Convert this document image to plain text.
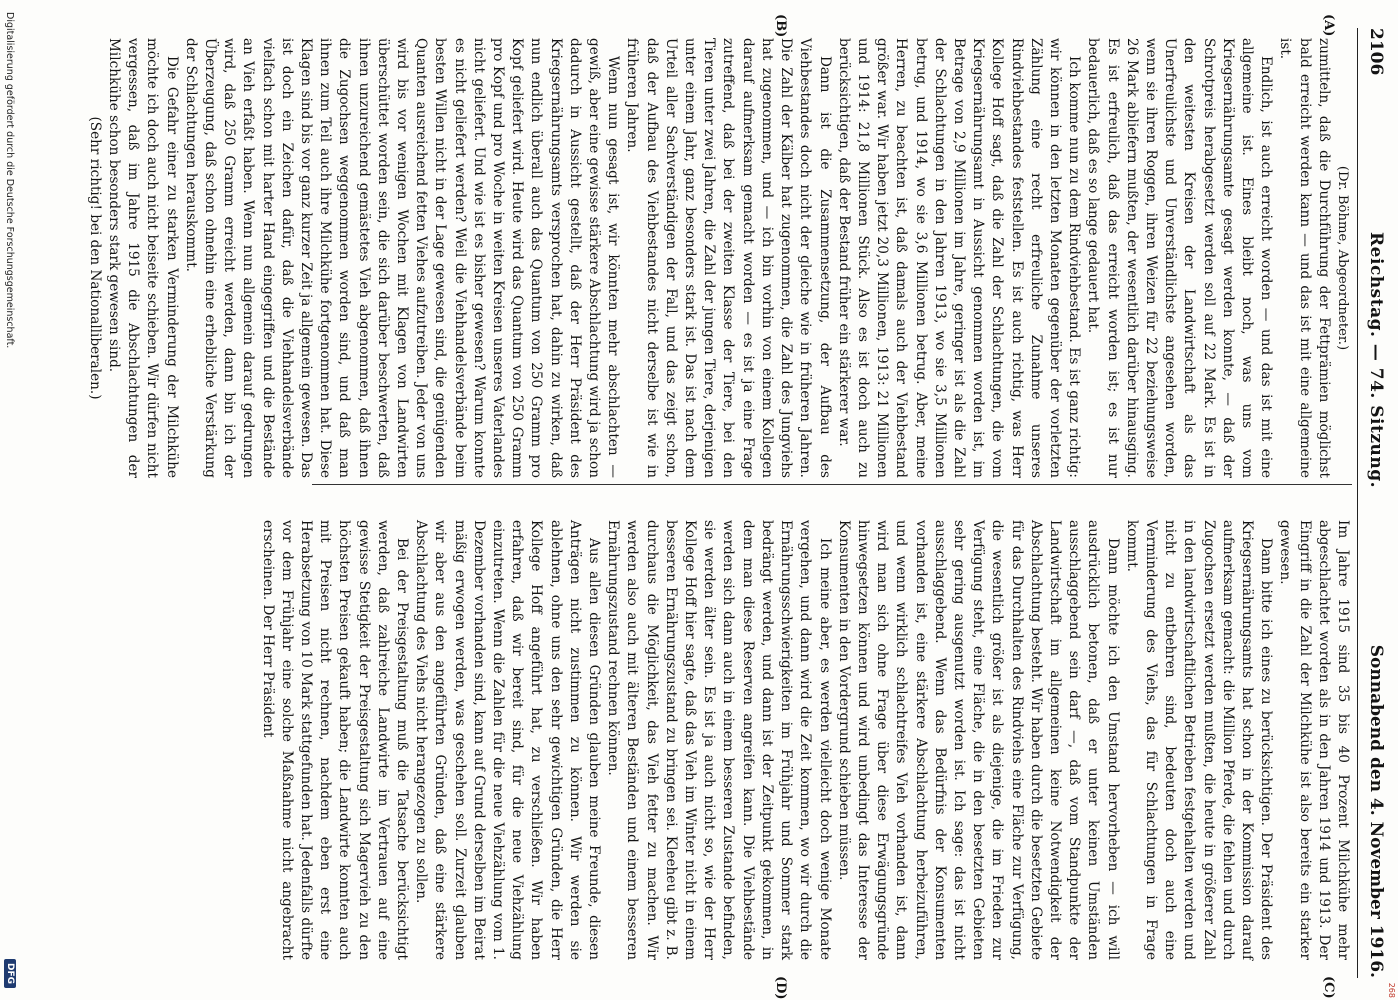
268
2106
Reichstag. — 74. Sitzung.
Sonnabend den 4. November 1916.
(A)
(B)
(C)
(D)

(Dr. Böhme, Abgeordneter.)

zumitteln, daß die Durchführung der Fettprämien möglichst bald erreicht werden kann — und das ist mit eine allgemeine ist.

Endlich, ist auch erreicht worden — und das ist mit eine allgemeine ist. Eines bleibt noch, was uns vom Kriegsernährungsamte gesagt werden konnte, — daß der Schrotpreis herabgesetzt werden soll auf 22 Mark. Es ist in den weitesten Kreisen der Landwirtschaft als das Unerfreulichste und Unverständlichste angesehen worden, wenn sie ihren Roggen, ihren Weizen für 22 beziehungsweise 26 Mark abliefern mußten, der wesentlich darüber hinausging. Es ist erfreulich, daß das erreicht worden ist; es ist nur bedauerlich, daß es so lange gedauert hat.

Ich komme nun zu dem Rindviehbestand. Es ist ganz richtig: wir können in den letzten Monaten gegenüber der vorletzten Zählung eine recht erfreuliche Zunahme unseres Rindviehbestandes feststellen. Es ist auch richtig, was Herr Kollege Hoff sagt, daß die Zahl der Schlachtungen, die vom Kriegsernährungsamt in Aussicht genommen worden ist, im Betrage von 2,9 Millionen im Jahre, geringer ist als die Zahl der Schlachtungen in den Jahren 1913, wo sie 3,5 Millionen betrug, und 1914, wo sie 3,6 Millionen betrug. Aber, meine Herren, zu beachten ist, daß damals auch der Viehbestand größer war. Wir haben jetzt 20,3 Millionen, 1913: 21 Millionen und 1914: 21,8 Millionen Stück. Also es ist doch auch zu berücksichtigen, daß der Bestand früher ein stärkerer war.

Dann ist die Zusammensetzung, der Aufbau des Viehbestandes doch nicht der gleiche wie in früheren Jahren. Die Zahl der Kälber hat zugenommen, die Zahl des Jungviehs hat zugenommen, und — ich bin vorhin von einem Kollegen darauf aufmerksam gemacht worden — es ist ja eine Frage zutreffend, daß bei der zweiten Klasse der Tiere, bei den Tieren unter zwei Jahren, die Zahl der jungen Tiere, derjenigen unter einem Jahr, ganz besonders stark ist. Das ist nach dem Urteil aller Sachverständigen der Fall, und das zeigt schon, daß der Aufbau des Viehbestandes nicht derselbe ist wie in früheren Jahren.

Wenn nun gesagt ist, wir könnten mehr abschlachten — gewiß, aber eine gewisse stärkere Abschlachtung wird ja schon dadurch in Aussicht gestellt, daß der Herr Präsident des Kriegsernährungsamts versprochen hat, dahin zu wirken, daß nun endlich überall auch das Quantum von 250 Gramm pro Kopf geliefert wird. Heute wird das Quantum von 250 Gramm pro Kopf und pro Woche in weiten Kreisen unseres Vaterlandes nicht geliefert. Und wie ist es bisher gewesen? Warum konnte es nicht geliefert werden? Weil die Viehhandelsverbände beim besten Willen nicht in der Lage gewesen sind, die genügenden Quanten ausreichend fetten Viehes aufzutreiben. Jeder von uns wird bis vor wenigen Wochen mit Klagen von Landwirten überschüttet worden sein, die sich darüber beschwerten, daß ihnen unzureichend gemästetes Vieh abgenommen, daß ihnen die Zugochsen weggenommen worden sind, und daß man ihnen zum Teil auch ihre Milchkühe fortgenommen hat. Diese Klagen sind bis vor ganz kurzer Zeit ja allgemein gewesen. Das ist doch ein Zeichen dafür, daß die Viehhandelsverbände vielfach schon mit harter Hand eingegriffen und die Bestände an Vieh erfaßt haben. Wenn nun allgemein darauf gedrungen wird, daß 250 Gramm erreicht werden, dann bin ich der Überzeugung, daß schon ohnehin eine erhebliche Verstärkung der Schlachtungen herauskommt.

Die Gefahr einer zu starken Verminderung der Milchkühe möchte ich doch auch nicht beiseite schieben. Wir dürfen nicht vergessen, daß im Jahre 1915 die Abschlachtungen der Milchkühe schon besonders stark gewesen sind.

(Sehr richtig! bei den Nationalliberalen.)

Im Jahre 1915 sind 35 bis 40 Prozent Milchkühe mehr abgeschlachtet worden als in den Jahren 1914 und 1913. Der Eingriff in die Zahl der Milchkühe ist also bereits ein starker gewesen.

Dann bitte ich eines zu berücksichtigen. Der Präsident des Kriegsernährungsamts hat schon in der Kommission darauf aufmerksam gemacht: die Million Pferde, die fehlen und durch Zugochsen ersetzt werden mußten, die heute in größerer Zahl in den landwirtschaftlichen Betrieben festgehalten werden und nicht zu entbehren sind, bedeuten doch auch eine Verminderung des Viehs, das für Schlachtungen in Frage kommt.

Dann möchte ich den Umstand hervorheben — ich will ausdrücklich betonen, daß er unter keinen Umständen ausschlaggebend sein darf —, daß vom Standpunkte der Landwirtschaft im allgemeinen keine Notwendigkeit der Abschlachtung besteht. Wir haben durch die besetzten Gebiete für das Durchhalten des Rindviehs eine Fläche zur Verfügung, die wesentlich größer ist als diejenige, die im Frieden zur Verfügung steht, eine Fläche, die in den besetzten Gebieten sehr gering ausgenutzt worden ist. Ich sage: das ist nicht ausschlaggebend. Wenn das Bedürfnis der Konsumenten vorhanden ist, eine stärkere Abschlachtung herbeizuführen, und wenn wirklich schlachtreifes Vieh vorhanden ist, dann wird man sich ohne Frage über diese Erwägungsgründe hinwegsetzen können und wird unbedingt das Interesse der Konsumenten in den Vordergrund schieben müssen.

Ich meine aber, es werden vielleicht doch wenige Monate vergehen, und dann wird die Zeit kommen, wo wir durch die Ernährungsschwierigkeiten im Frühjahr und Sommer stark bedrängt werden, und dann ist der Zeitpunkt gekommen, in dem man diese Reserven angreifen kann. Die Viehbestände werden sich dann auch in einem besseren Zustande befinden, sie werden älter sein. Es ist ja auch nicht so, wie der Herr Kollege Hoff hier sagte, daß das Vieh im Winter nicht in einem besseren Ernährungszustand zu bringen sei. Kleeheu gibt z. B. durchaus die Möglichkeit, das Vieh fetter zu machen. Wir werden also auch mit älteren Beständen und einem besseren Ernährungszustand rechnen können.

Aus allen diesen Gründen glauben meine Freunde, diesen Anträgen nicht zustimmen zu können. Wir werden sie ablehnen, ohne uns den sehr gewichtigen Gründen, die Herr Kollege Hoff angeführt hat, zu verschließen. Wir haben erfahren, daß wir bereit sind, für die neue Viehzählung einzutreten. Wenn die Zahlen für die neue Viehzählung vom 1. Dezember vorhanden sind, kann auf Grund derselben im Beirat mäßig erwogen werden, was geschehen soll. Zurzeit glauben wir aber aus den angeführten Gründen, daß eine stärkere Abschlachtung des Viehs nicht herangezogen zu sollen.

Bei der Preisgestaltung muß die Tatsache berücksichtigt werden, daß zahlreiche Landwirte im Vertrauen auf eine gewisse Stetigkeit der Preisgestaltung sich Magervieh zu den höchsten Preisen gekauft haben; die Landwirte konnten auch mit Preisen nicht rechnen, nachdem eben erst eine Herabsetzung von 10 Mark stattgefunden hat. Jedenfalls dürfte vor dem Frühjahr eine solche Maßnahme nicht angebracht erscheinen. Der Herr Präsident

Digitalisierung gefördert durch die Deutsche Forschungsgemeinschaft.
DFG
